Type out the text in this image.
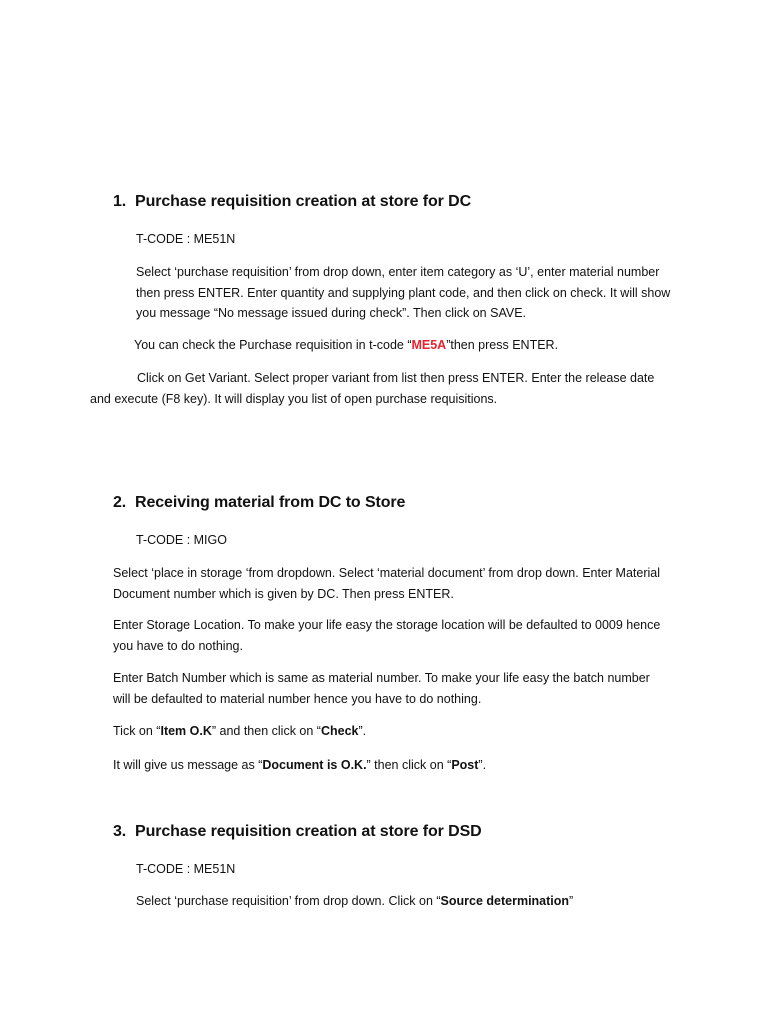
1. Purchase requisition creation at store for DC
T-CODE : ME51N
Select ‘purchase requisition’ from drop down, enter item category as ‘U’, enter material number
then press ENTER. Enter quantity and supplying plant code, and then click on check. It will show
you message “No message issued during check”. Then click on SAVE.
You can check the Purchase requisition in t-code “ME5A”then press ENTER.
Click on Get Variant. Select proper variant from list then press ENTER. Enter the release date
and execute (F8 key). It will display you list of open purchase requisitions.
2. Receiving material from DC to Store
T-CODE : MIGO
Select ‘place in storage ‘from dropdown. Select ‘material document’ from drop down. Enter Material
Document number which is given by DC. Then press ENTER.
Enter Storage Location. To make your life easy the storage location will be defaulted to 0009 hence
you have to do nothing.
Enter Batch Number which is same as material number. To make your life easy the batch number
will be defaulted to material number hence you have to do nothing.
Tick on “Item O.K” and then click on “Check”.
It will give us message as “Document is O.K.” then click on “Post”.
3. Purchase requisition creation at store for DSD
T-CODE : ME51N
Select ‘purchase requisition’ from drop down. Click on “Source determination”
